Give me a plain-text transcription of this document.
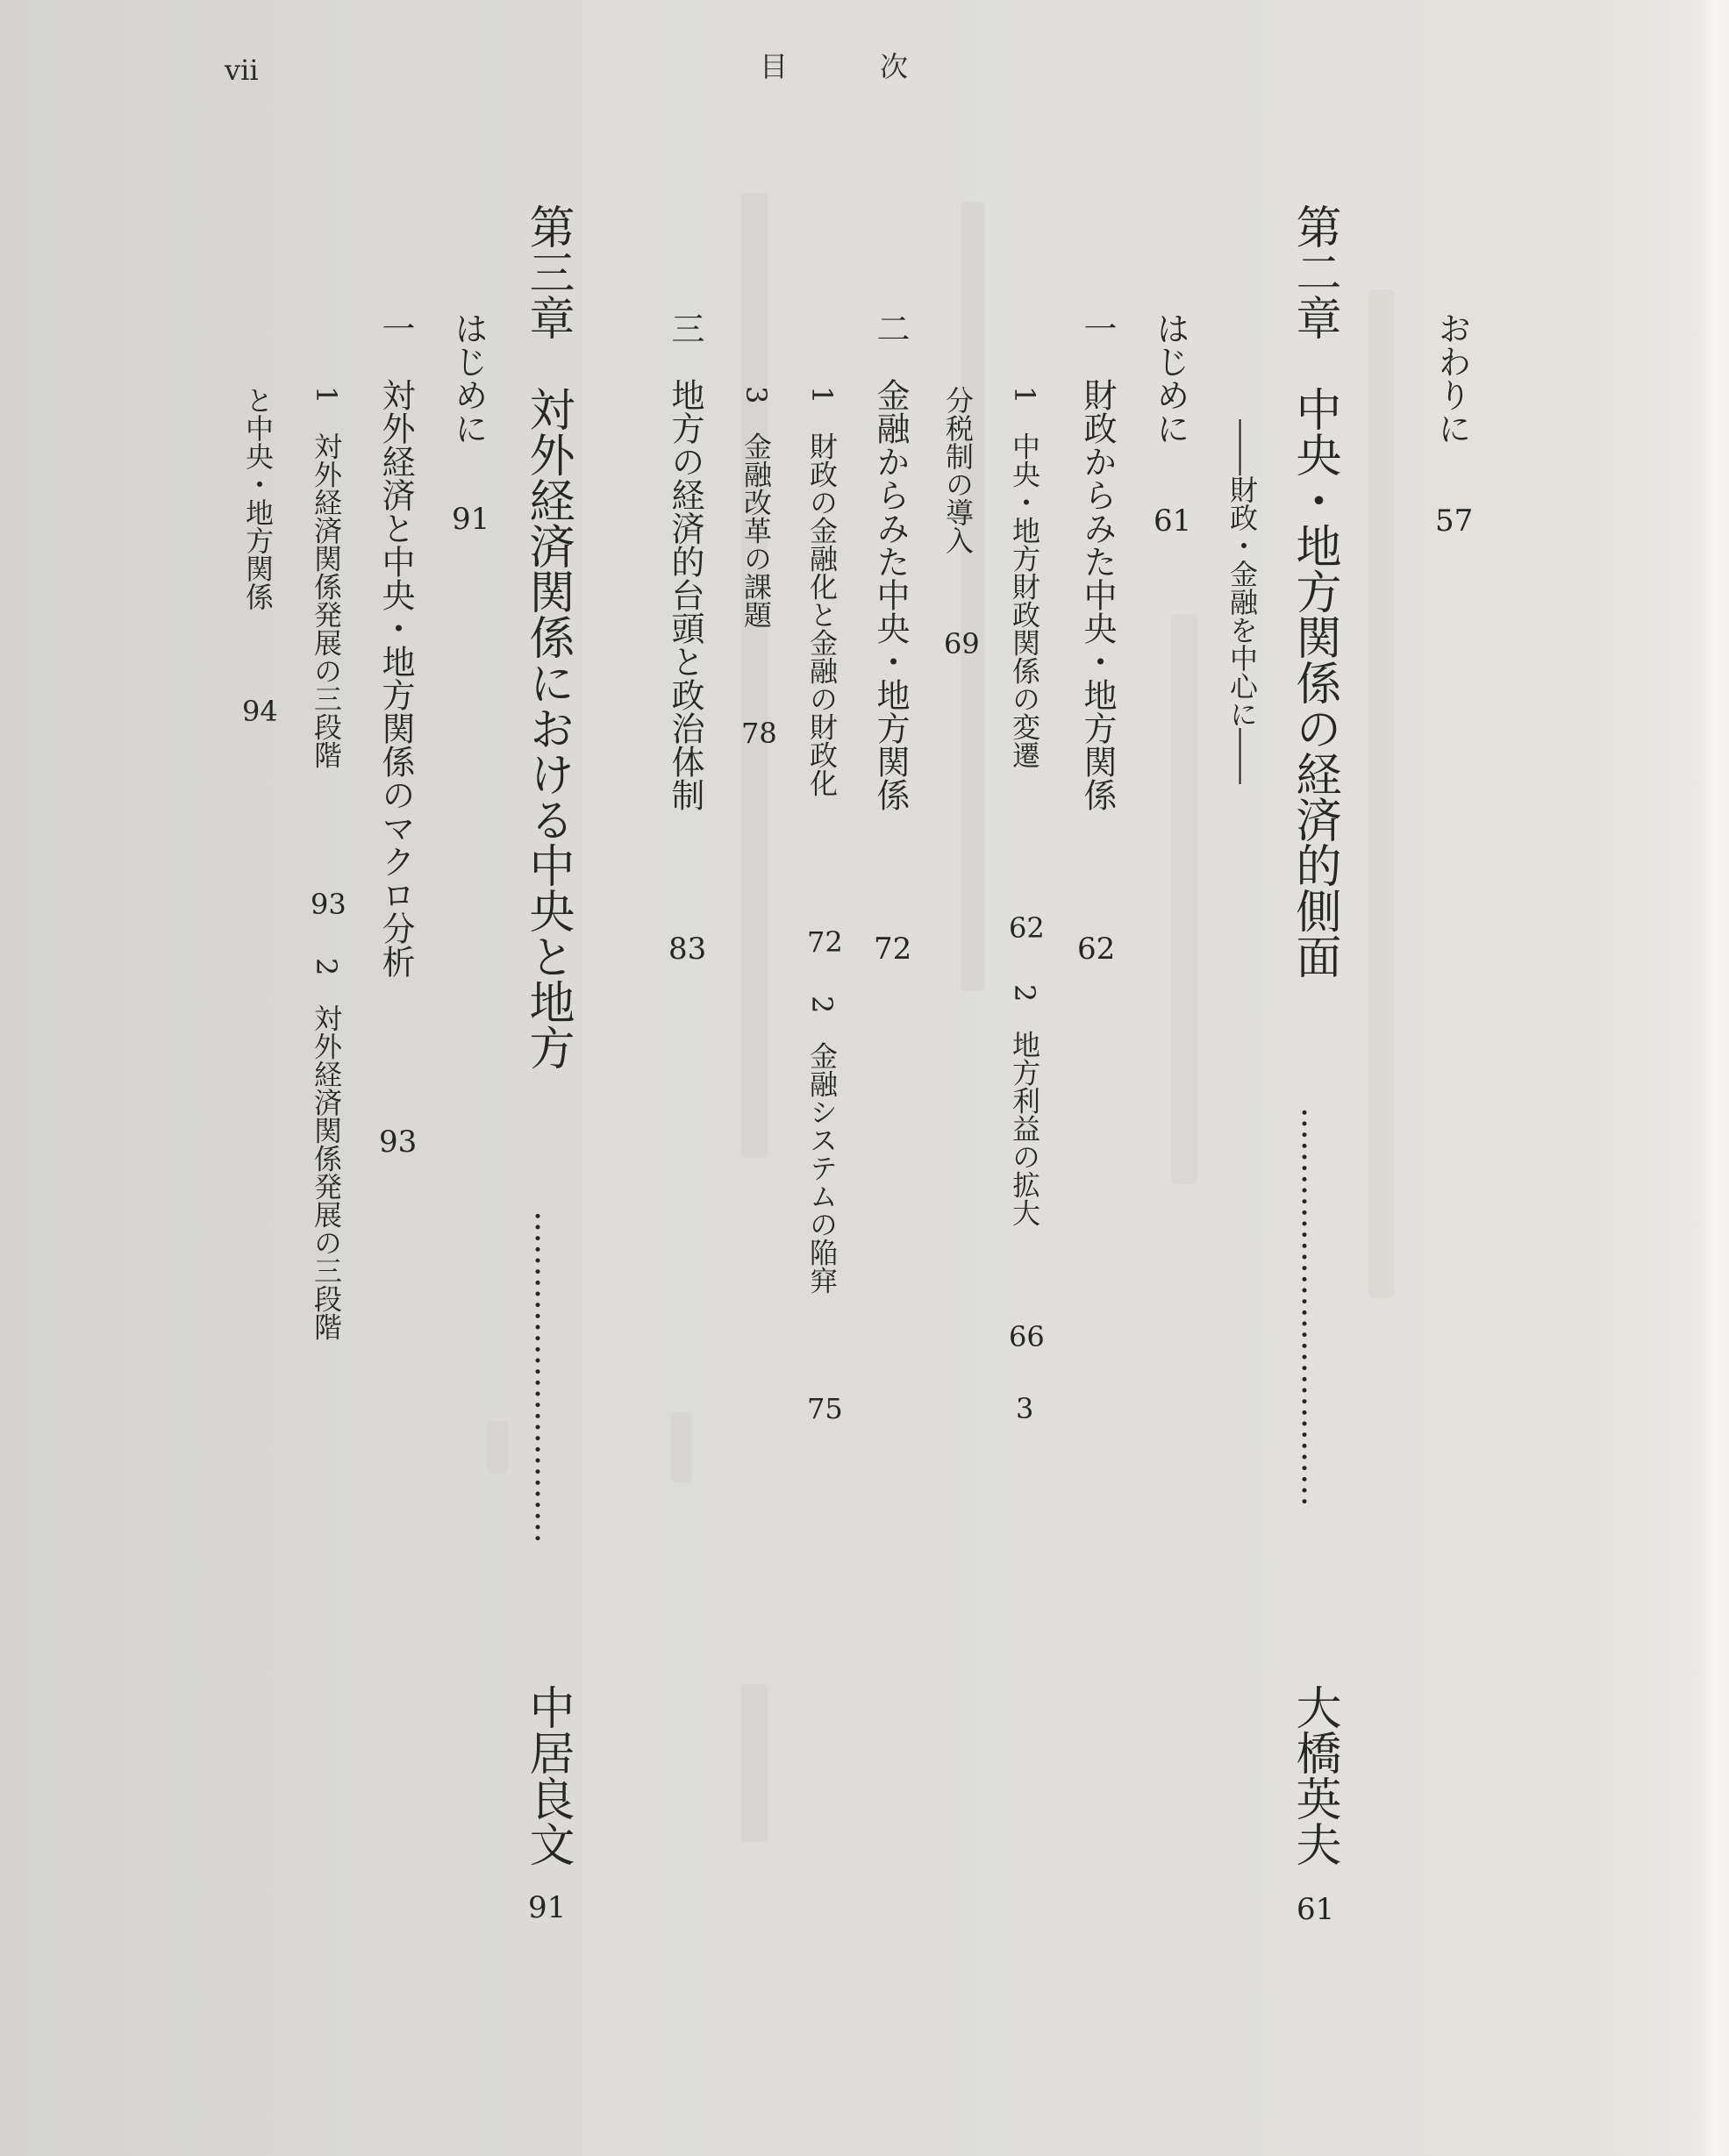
vii	目	次

おわりに

57

第二章　中央・地方関係の経済的側面

………………………………

大橋英夫

61

――財政・金融を中心に――

はじめに

61

一　財政からみた中央・地方関係

62

1　中央・地方財政関係の変遷

62

2　地方利益の拡大

66

3

分税制の導入

69

二　金融からみた中央・地方関係

72

1　財政の金融化と金融の財政化

72

2　金融システムの陥穽

75

3　金融改革の課題

78

三　地方の経済的台頭と政治体制

83

第三章　対外経済関係における中央と地方

…………………………

中居良文

91

はじめに

91

一　対外経済と中央・地方関係のマクロ分析

93

1　対外経済関係発展の三段階

93

2　対外経済関係発展の三段階

と中央・地方関係

94
